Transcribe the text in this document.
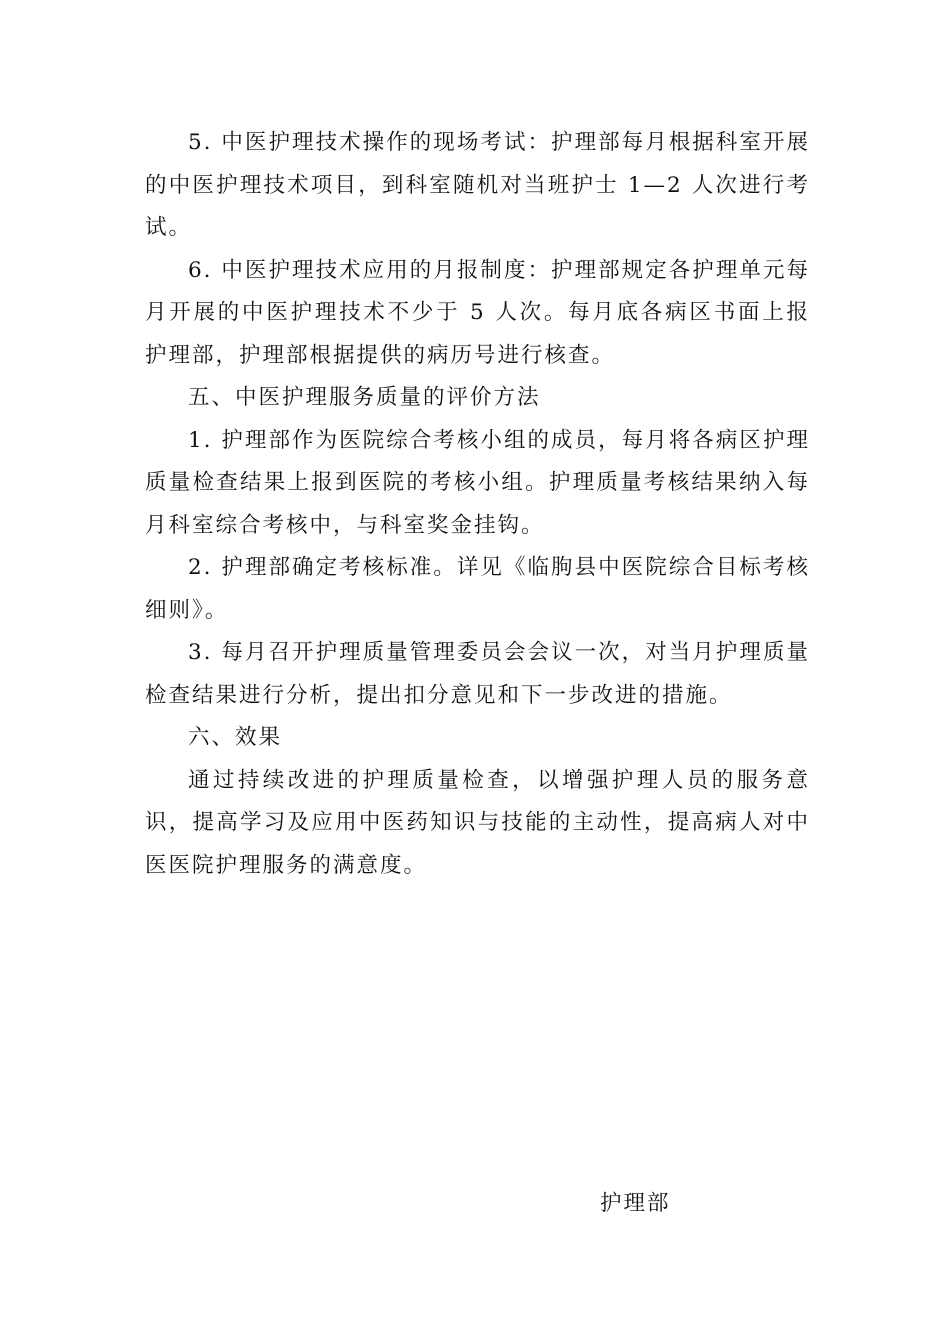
5. 中医护理技术操作的现场考试：护理部每月根据科室开展的中医护理技术项目，到科室随机对当班护士 1—2 人次进行考试。

6. 中医护理技术应用的月报制度：护理部规定各护理单元每月开展的中医护理技术不少于 5 人次。每月底各病区书面上报护理部，护理部根据提供的病历号进行核查。

五、中医护理服务质量的评价方法

1. 护理部作为医院综合考核小组的成员，每月将各病区护理质量检查结果上报到医院的考核小组。护理质量考核结果纳入每月科室综合考核中，与科室奖金挂钩。

2. 护理部确定考核标准。详见《临朐县中医院综合目标考核细则》。

3. 每月召开护理质量管理委员会会议一次，对当月护理质量检查结果进行分析，提出扣分意见和下一步改进的措施。

六、效果

通过持续改进的护理质量检查，以增强护理人员的服务意识，提高学习及应用中医药知识与技能的主动性，提高病人对中医医院护理服务的满意度。

护理部
